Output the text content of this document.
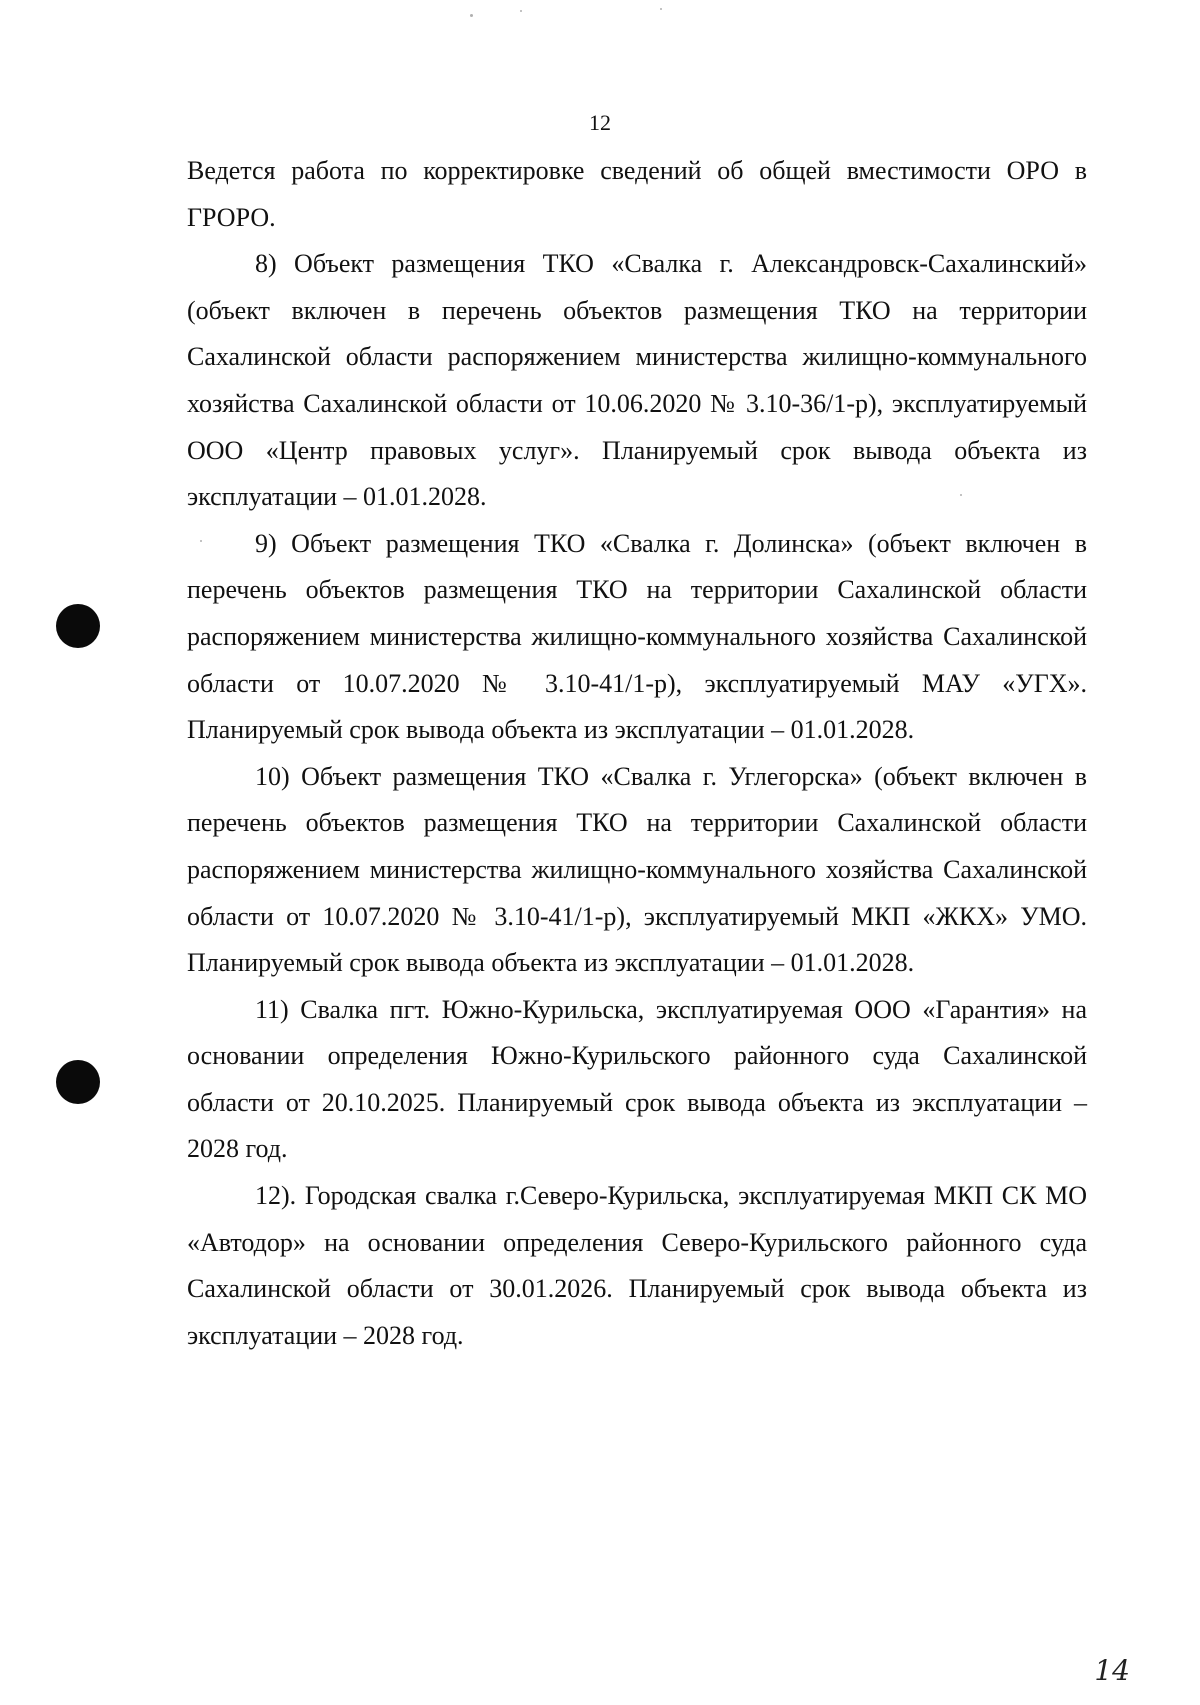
12

Ведется работа по корректировке сведений об общей вместимости ОРО в ГРОРО.

8) Объект размещения ТКО «Свалка г. Александровск-Сахалинский» (объект включен в перечень объектов размещения ТКО на территории Сахалинской области распоряжением министерства жилищно-коммунального хозяйства Сахалинской области от 10.06.2020 № 3.10-36/1-р), эксплуатируемый ООО «Центр правовых услуг». Планируемый срок вывода объекта из эксплуатации – 01.01.2028.

9) Объект размещения ТКО «Свалка г. Долинска» (объект включен в перечень объектов размещения ТКО на территории Сахалинской области распоряжением министерства жилищно-коммунального хозяйства Сахалинской области от 10.07.2020 № 3.10-41/1-р), эксплуатируемый МАУ «УГХ». Планируемый срок вывода объекта из эксплуатации – 01.01.2028.

10) Объект размещения ТКО «Свалка г. Углегорска» (объект включен в перечень объектов размещения ТКО на территории Сахалинской области распоряжением министерства жилищно-коммунального хозяйства Сахалинской области от 10.07.2020 № 3.10-41/1-р), эксплуатируемый МКП «ЖКХ» УМО. Планируемый срок вывода объекта из эксплуатации – 01.01.2028.

11) Свалка пгт. Южно-Курильска, эксплуатируемая ООО «Гарантия» на основании определения Южно-Курильского районного суда Сахалинской области от 20.10.2025. Планируемый срок вывода объекта из эксплуатации – 2028 год.

12). Городская свалка г.Северо-Курильска, эксплуатируемая МКП СК МО «Автодор» на основании определения Северо-Курильского районного суда Сахалинской области от 30.01.2026. Планируемый срок вывода объекта из эксплуатации – 2028 год.

14
